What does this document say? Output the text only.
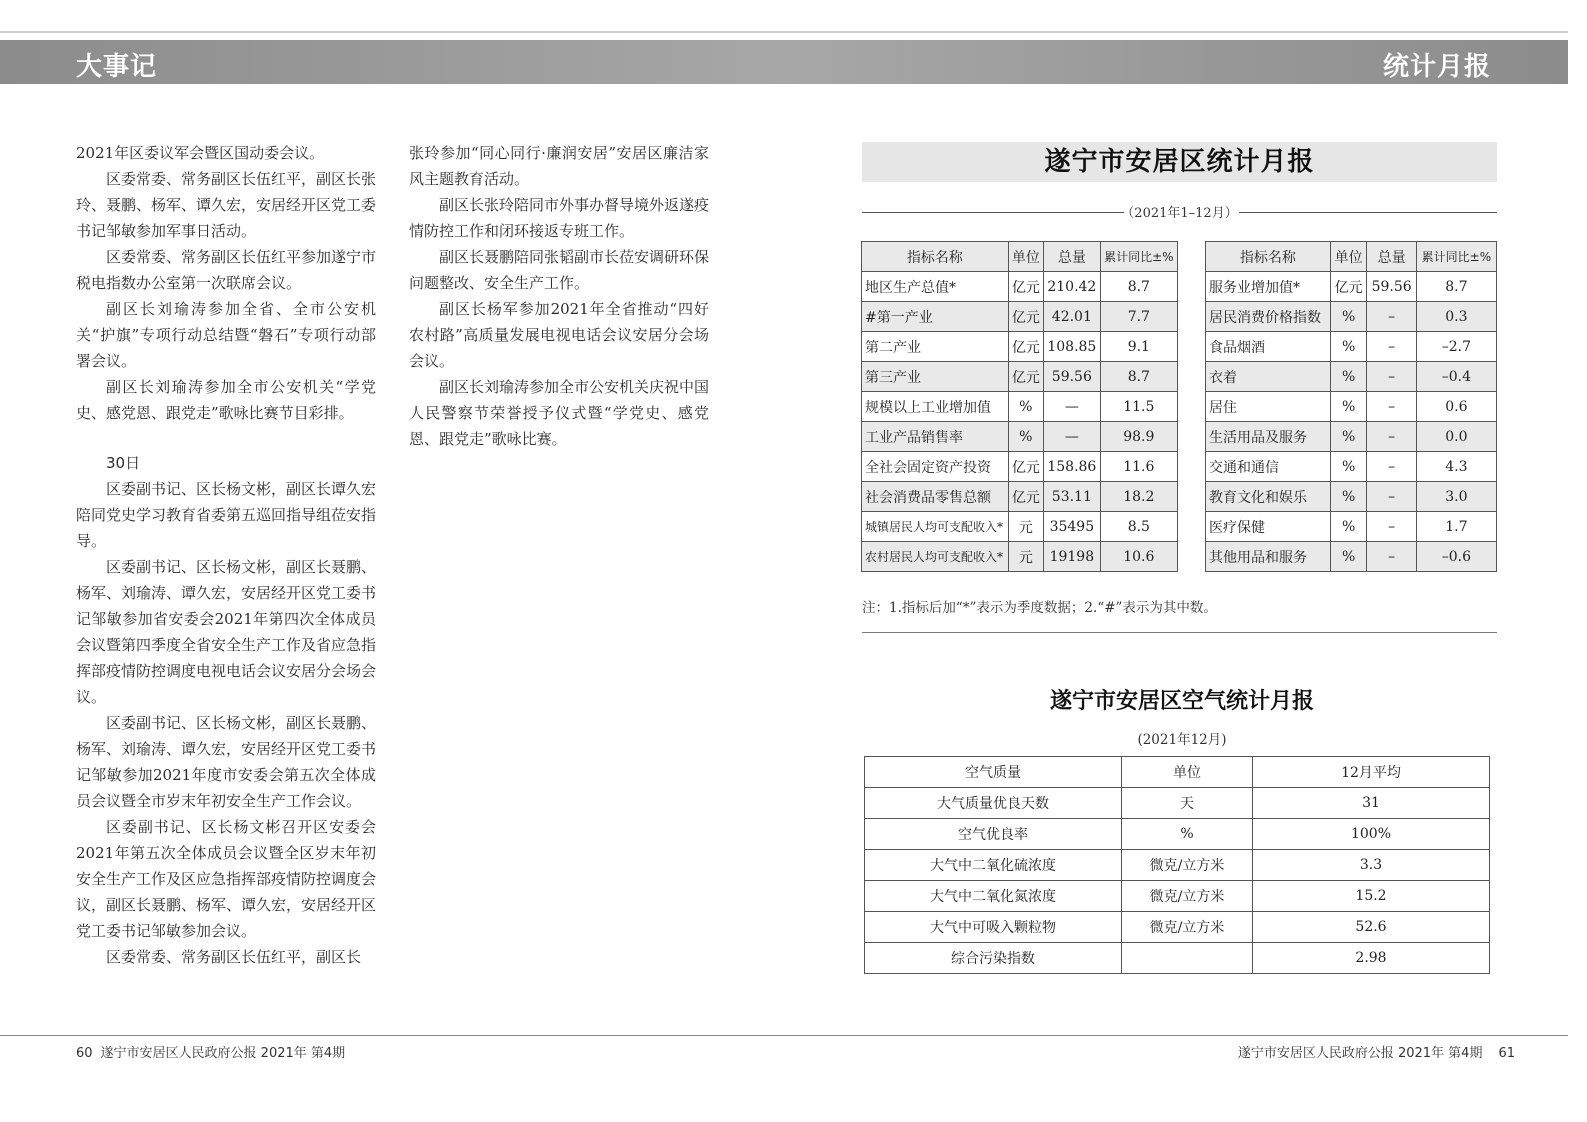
大事记	统计月报

2021年区委议军会暨区国动委会议。

区委常委、常务副区长伍红平，副区长张玲、聂鹏、杨军、谭久宏，安居经开区党工委书记邹敏参加军事日活动。

区委常委、常务副区长伍红平参加遂宁市税电指数办公室第一次联席会议。

副区长刘瑜涛参加全省、全市公安机关“护旗”专项行动总结暨“磐石”专项行动部署会议。

副区长刘瑜涛参加全市公安机关“学党史、感党恩、跟党走”歌咏比赛节目彩排。

30日

区委副书记、区长杨文彬，副区长谭久宏陪同党史学习教育省委第五巡回指导组莅安指导。

区委副书记、区长杨文彬，副区长聂鹏、杨军、刘瑜涛、谭久宏，安居经开区党工委书记邹敏参加省安委会2021年第四次全体成员会议暨第四季度全省安全生产工作及省应急指挥部疫情防控调度电视电话会议安居分会场会议。

区委副书记、区长杨文彬，副区长聂鹏、杨军、刘瑜涛、谭久宏，安居经开区党工委书记邹敏参加2021年度市安委会第五次全体成员会议暨全市岁末年初安全生产工作会议。

区委副书记、区长杨文彬召开区安委会2021年第五次全体成员会议暨全区岁末年初安全生产工作及区应急指挥部疫情防控调度会议，副区长聂鹏、杨军、谭久宏，安居经开区党工委书记邹敏参加会议。

区委常委、常务副区长伍红平，副区长

张玲参加“同心同行·廉润安居”安居区廉洁家风主题教育活动。

副区长张玲陪同市外事办督导境外返遂疫情防控工作和闭环接返专班工作。

副区长聂鹏陪同张韬副市长莅安调研环保问题整改、安全生产工作。

副区长杨军参加2021年全省推动“四好农村路”高质量发展电视电话会议安居分会场会议。

副区长刘瑜涛参加全市公安机关庆祝中国人民警察节荣誉授予仪式暨“学党史、感党恩、跟党走”歌咏比赛。

遂宁市安居区统计月报
（2021年1–12月）
指标名称	单位	总量	累计同比±%
地区生产总值*	亿元	210.42	8.7
#第一产业	亿元	42.01	7.7
第二产业	亿元	108.85	9.1
第三产业	亿元	59.56	8.7
规模以上工业增加值	%	—	11.5
工业产品销售率	%	—	98.9
全社会固定资产投资	亿元	158.86	11.6
社会消费品零售总额	亿元	53.11	18.2
城镇居民人均可支配收入*	元	35495	8.5
农村居民人均可支配收入*	元	19198	10.6
指标名称	单位	总量	累计同比±%
服务业增加值*	亿元	59.56	8.7
居民消费价格指数	%	–	0.3
食品烟酒	%	–	–2.7
衣着	%	–	–0.4
居住	%	–	0.6
生活用品及服务	%	–	0.0
交通和通信	%	–	4.3
教育文化和娱乐	%	–	3.0
医疗保健	%	–	1.7
其他用品和服务	%	–	–0.6
注：1.指标后加“*”表示为季度数据；2.“#”表示为其中数。
遂宁市安居区空气统计月报
(2021年12月)
空气质量	单位	12月平均
大气质量优良天数	天	31
空气优良率	%	100%
大气中二氧化硫浓度	微克/立方米	3.3
大气中二氧化氮浓度	微克/立方米	15.2
大气中可吸入颗粒物	微克/立方米	52.6
综合污染指数		2.98
60 遂宁市安居区人民政府公报 2021年 第4期	遂宁市安居区人民政府公报 2021年 第4期 61
